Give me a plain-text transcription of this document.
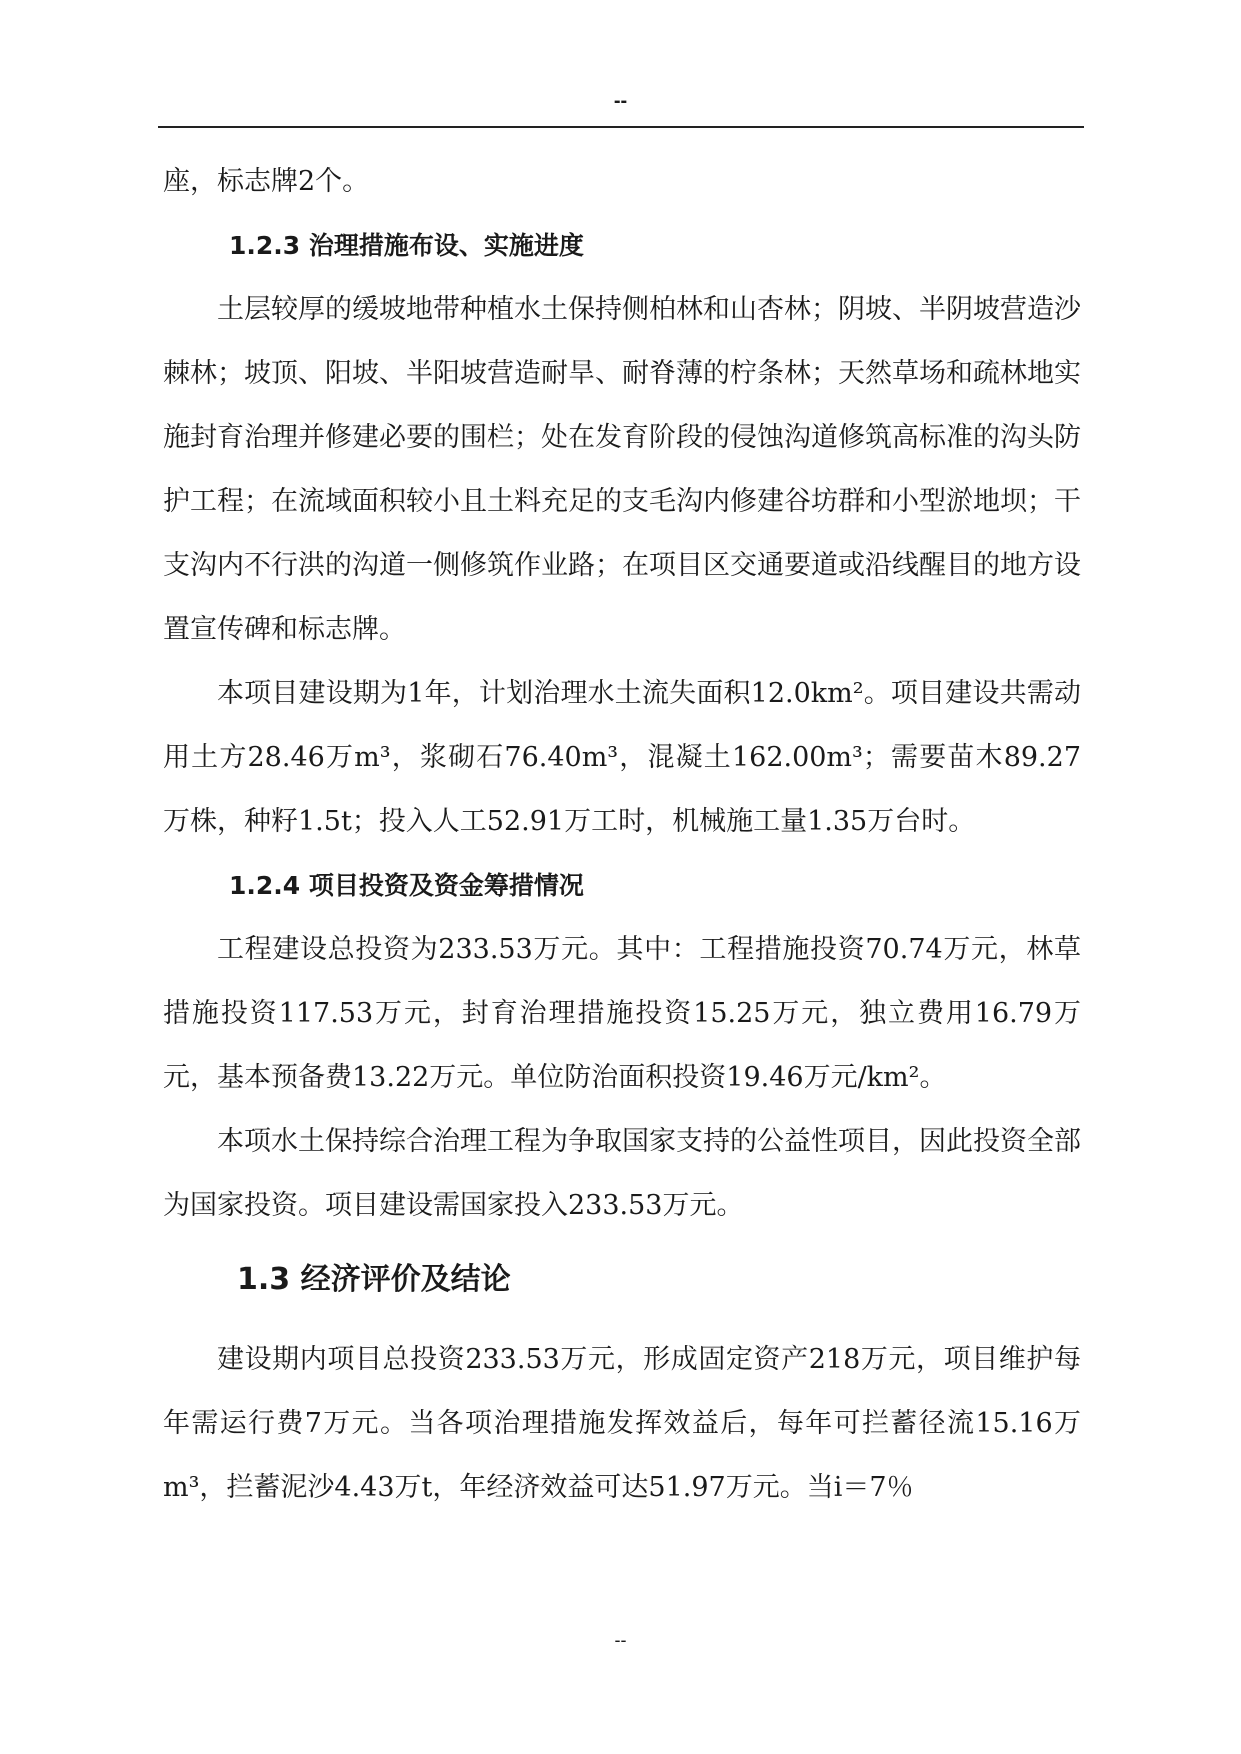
--

座，标志牌2个。

1.2.3 治理措施布设、实施进度

土层较厚的缓坡地带种植水土保持侧柏林和山杏林；阴坡、半阴坡营造沙棘林；坡顶、阳坡、半阳坡营造耐旱、耐脊薄的柠条林；天然草场和疏林地实施封育治理并修建必要的围栏；处在发育阶段的侵蚀沟道修筑高标准的沟头防护工程；在流域面积较小且土料充足的支毛沟内修建谷坊群和小型淤地坝；干支沟内不行洪的沟道一侧修筑作业路；在项目区交通要道或沿线醒目的地方设置宣传碑和标志牌。

本项目建设期为1年，计划治理水土流失面积12.0km²。项目建设共需动用土方28.46万m³，浆砌石76.40m³，混凝土162.00m³；需要苗木89.27万株，种籽1.5t；投入人工52.91万工时，机械施工量1.35万台时。

1.2.4 项目投资及资金筹措情况

工程建设总投资为233.53万元。其中：工程措施投资70.74万元，林草措施投资117.53万元，封育治理措施投资15.25万元，独立费用16.79万元，基本预备费13.22万元。单位防治面积投资19.46万元/km²。

本项水土保持综合治理工程为争取国家支持的公益性项目，因此投资全部为国家投资。项目建设需国家投入233.53万元。

1.3 经济评价及结论

建设期内项目总投资233.53万元，形成固定资产218万元，项目维护每年需运行费7万元。当各项治理措施发挥效益后，每年可拦蓄径流15.16万m³，拦蓄泥沙4.43万t，年经济效益可达51.97万元。当i＝7％

--
